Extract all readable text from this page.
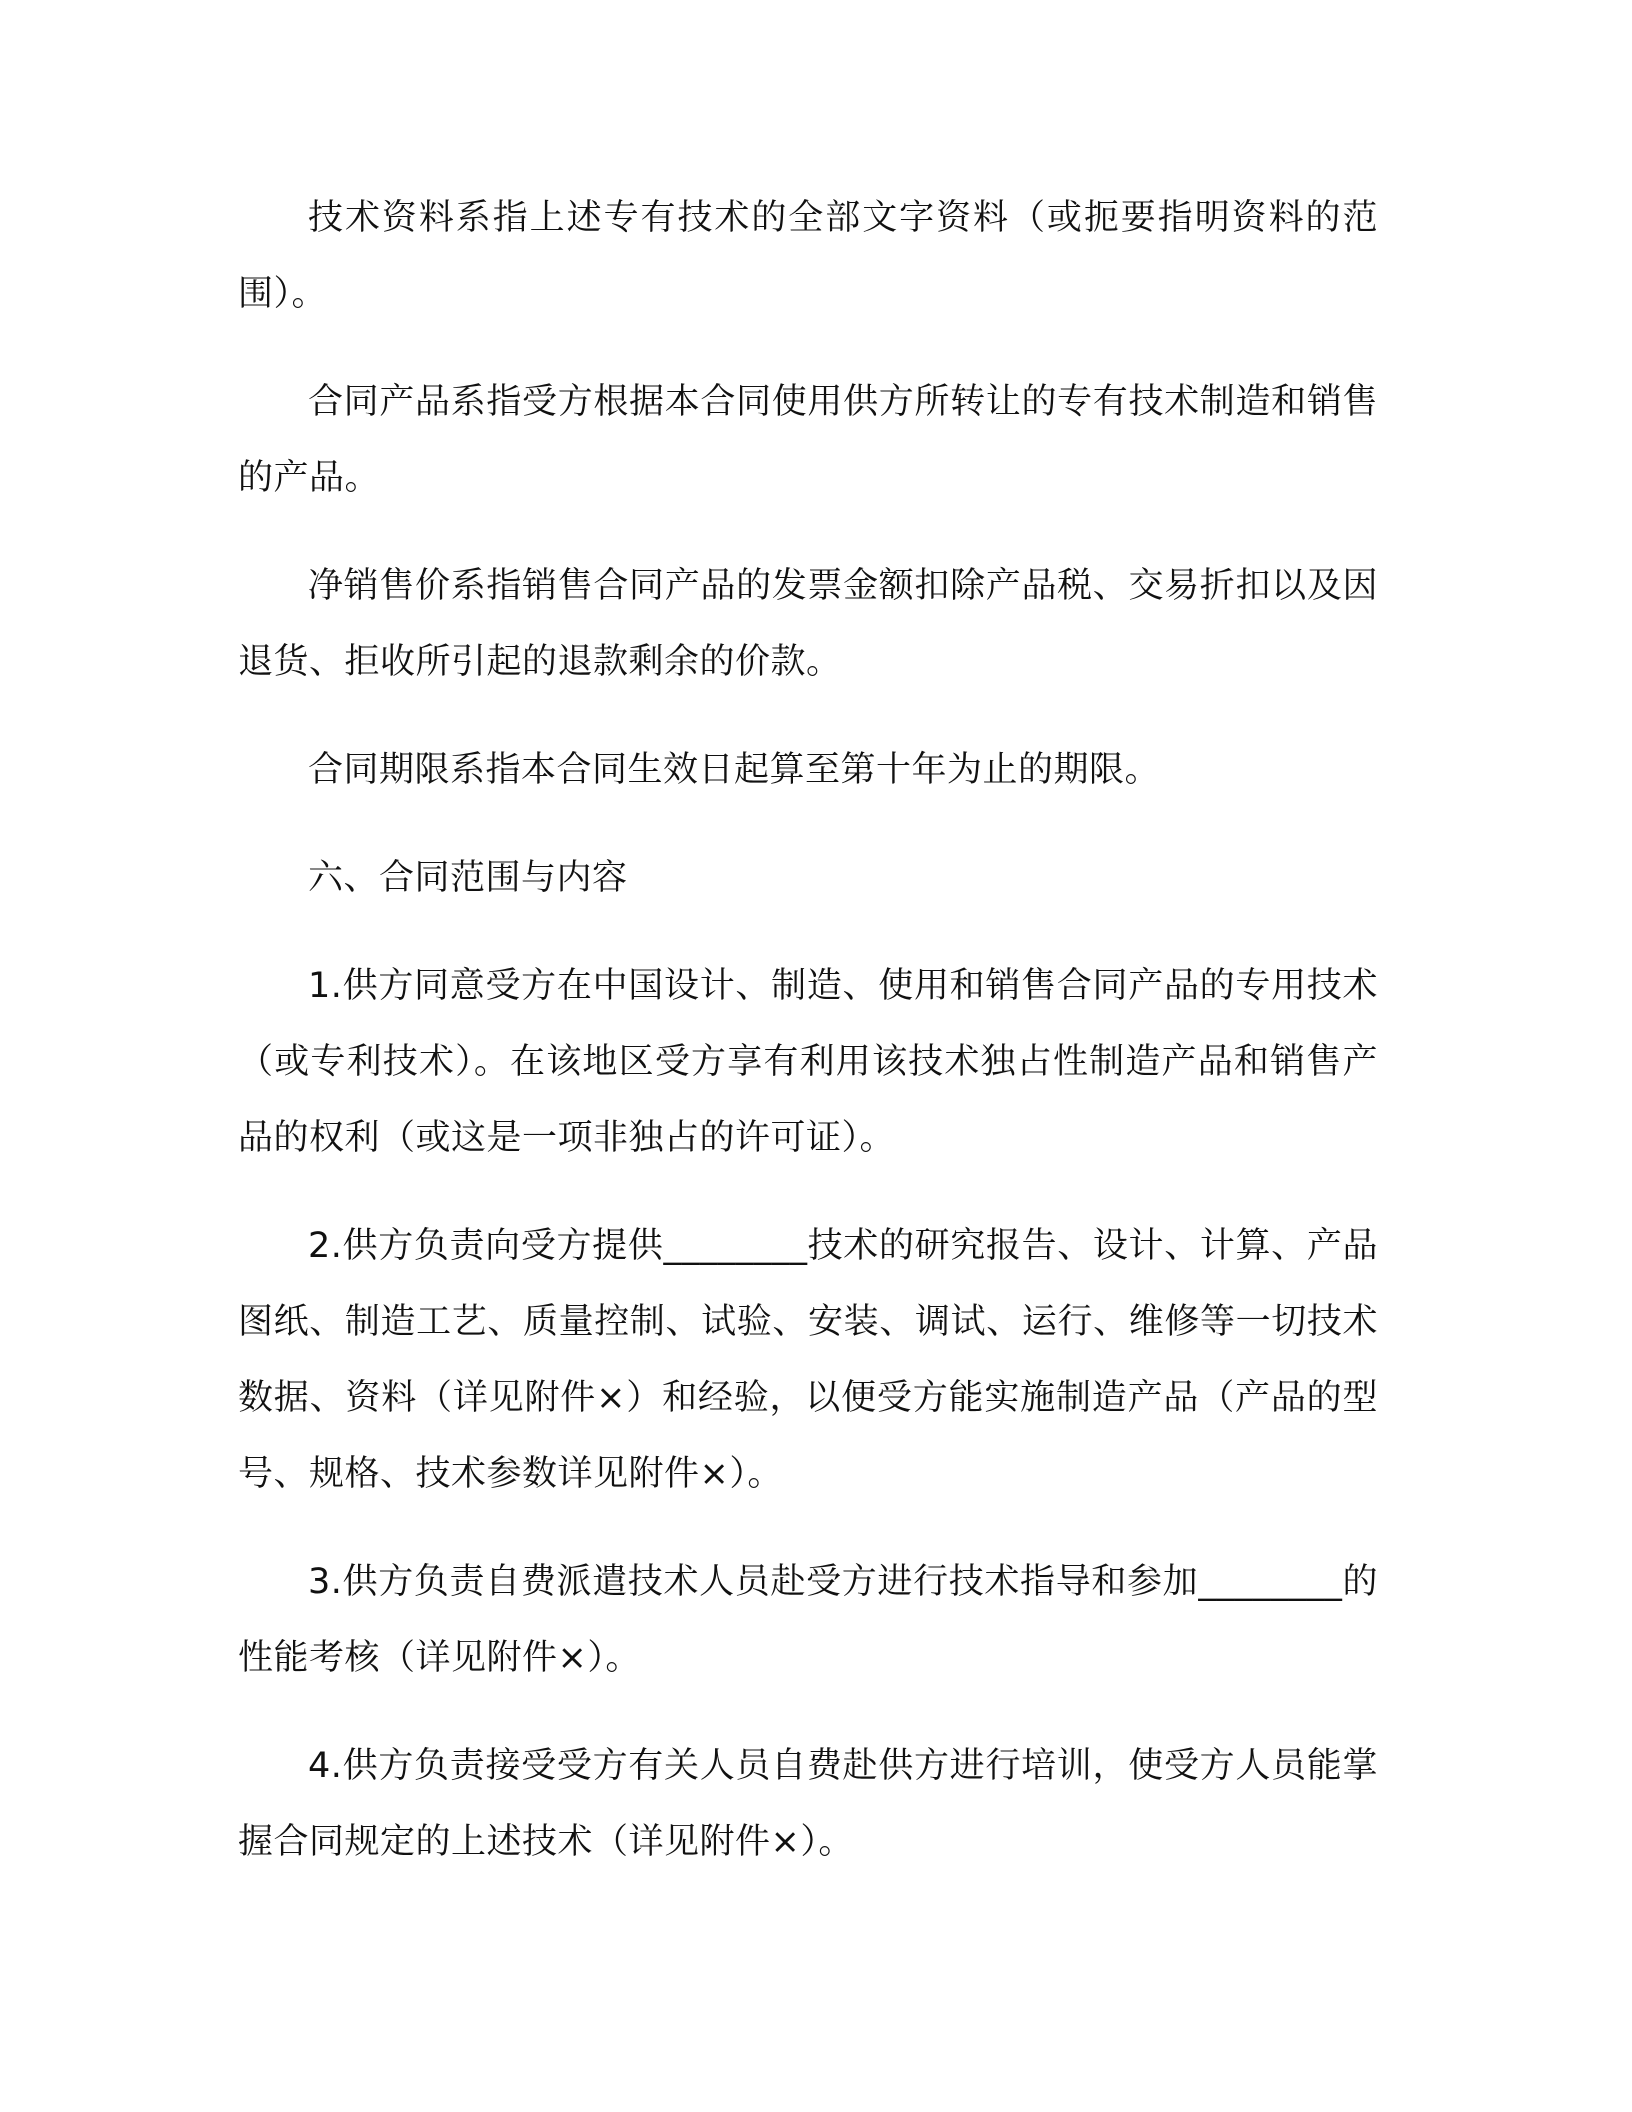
技术资料系指上述专有技术的全部文字资料（或扼要指明资料的范围）。

合同产品系指受方根据本合同使用供方所转让的专有技术制造和销售的产品。

净销售价系指销售合同产品的发票金额扣除产品税、交易折扣以及因退货、拒收所引起的退款剩余的价款。

合同期限系指本合同生效日起算至第十年为止的期限。

六、合同范围与内容

1.供方同意受方在中国设计、制造、使用和销售合同产品的专用技术（或专利技术）。在该地区受方享有利用该技术独占性制造产品和销售产品的权利（或这是一项非独占的许可证）。

2.供方负责向受方提供________技术的研究报告、设计、计算、产品图纸、制造工艺、质量控制、试验、安装、调试、运行、维修等一切技术数据、资料（详见附件×）和经验，以便受方能实施制造产品（产品的型号、规格、技术参数详见附件×）。

3.供方负责自费派遣技术人员赴受方进行技术指导和参加________的性能考核（详见附件×）。

4.供方负责接受受方有关人员自费赴供方进行培训，使受方人员能掌握合同规定的上述技术（详见附件×）。
